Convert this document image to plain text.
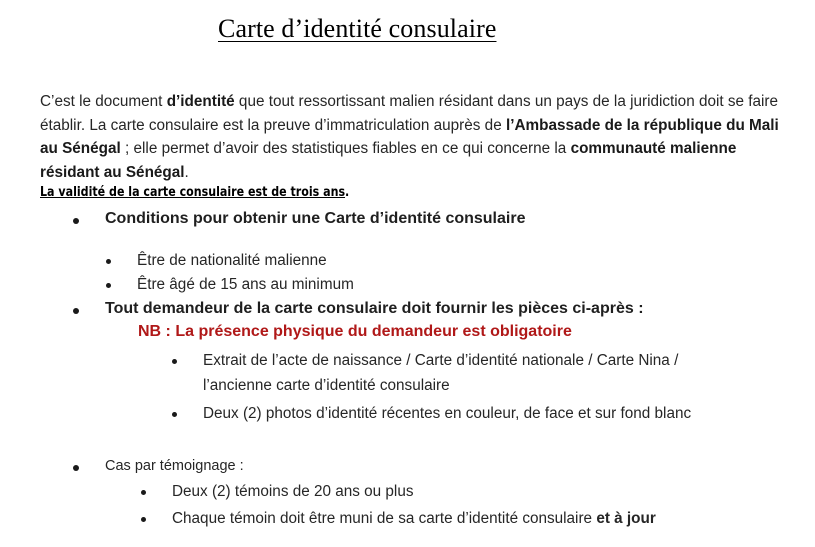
Carte d’identité consulaire

C’est le document d’identité que tout ressortissant malien résidant dans un pays de la juridiction doit se faire établir. La carte consulaire est la preuve d’immatriculation auprès de l’Ambassade de la république du Mali au Sénégal ; elle permet d’avoir des statistiques fiables en ce qui concerne la communauté malienne résidant au Sénégal.

La validité de la carte consulaire est de trois ans.
Conditions pour obtenir une Carte d’identité consulaire
Être de nationalité malienne
Être âgé de 15 ans au minimum
Tout demandeur de la carte consulaire doit fournir les pièces ci-après :
NB : La présence physique du demandeur est obligatoire
Extrait de l’acte de naissance / Carte d’identité nationale / Carte Nina /
l’ancienne carte d’identité consulaire
Deux (2) photos d’identité récentes en couleur, de face et sur fond blanc
Cas par témoignage :
Deux (2) témoins de 20 ans ou plus
Chaque témoin doit être muni de sa carte d’identité consulaire et à jour
